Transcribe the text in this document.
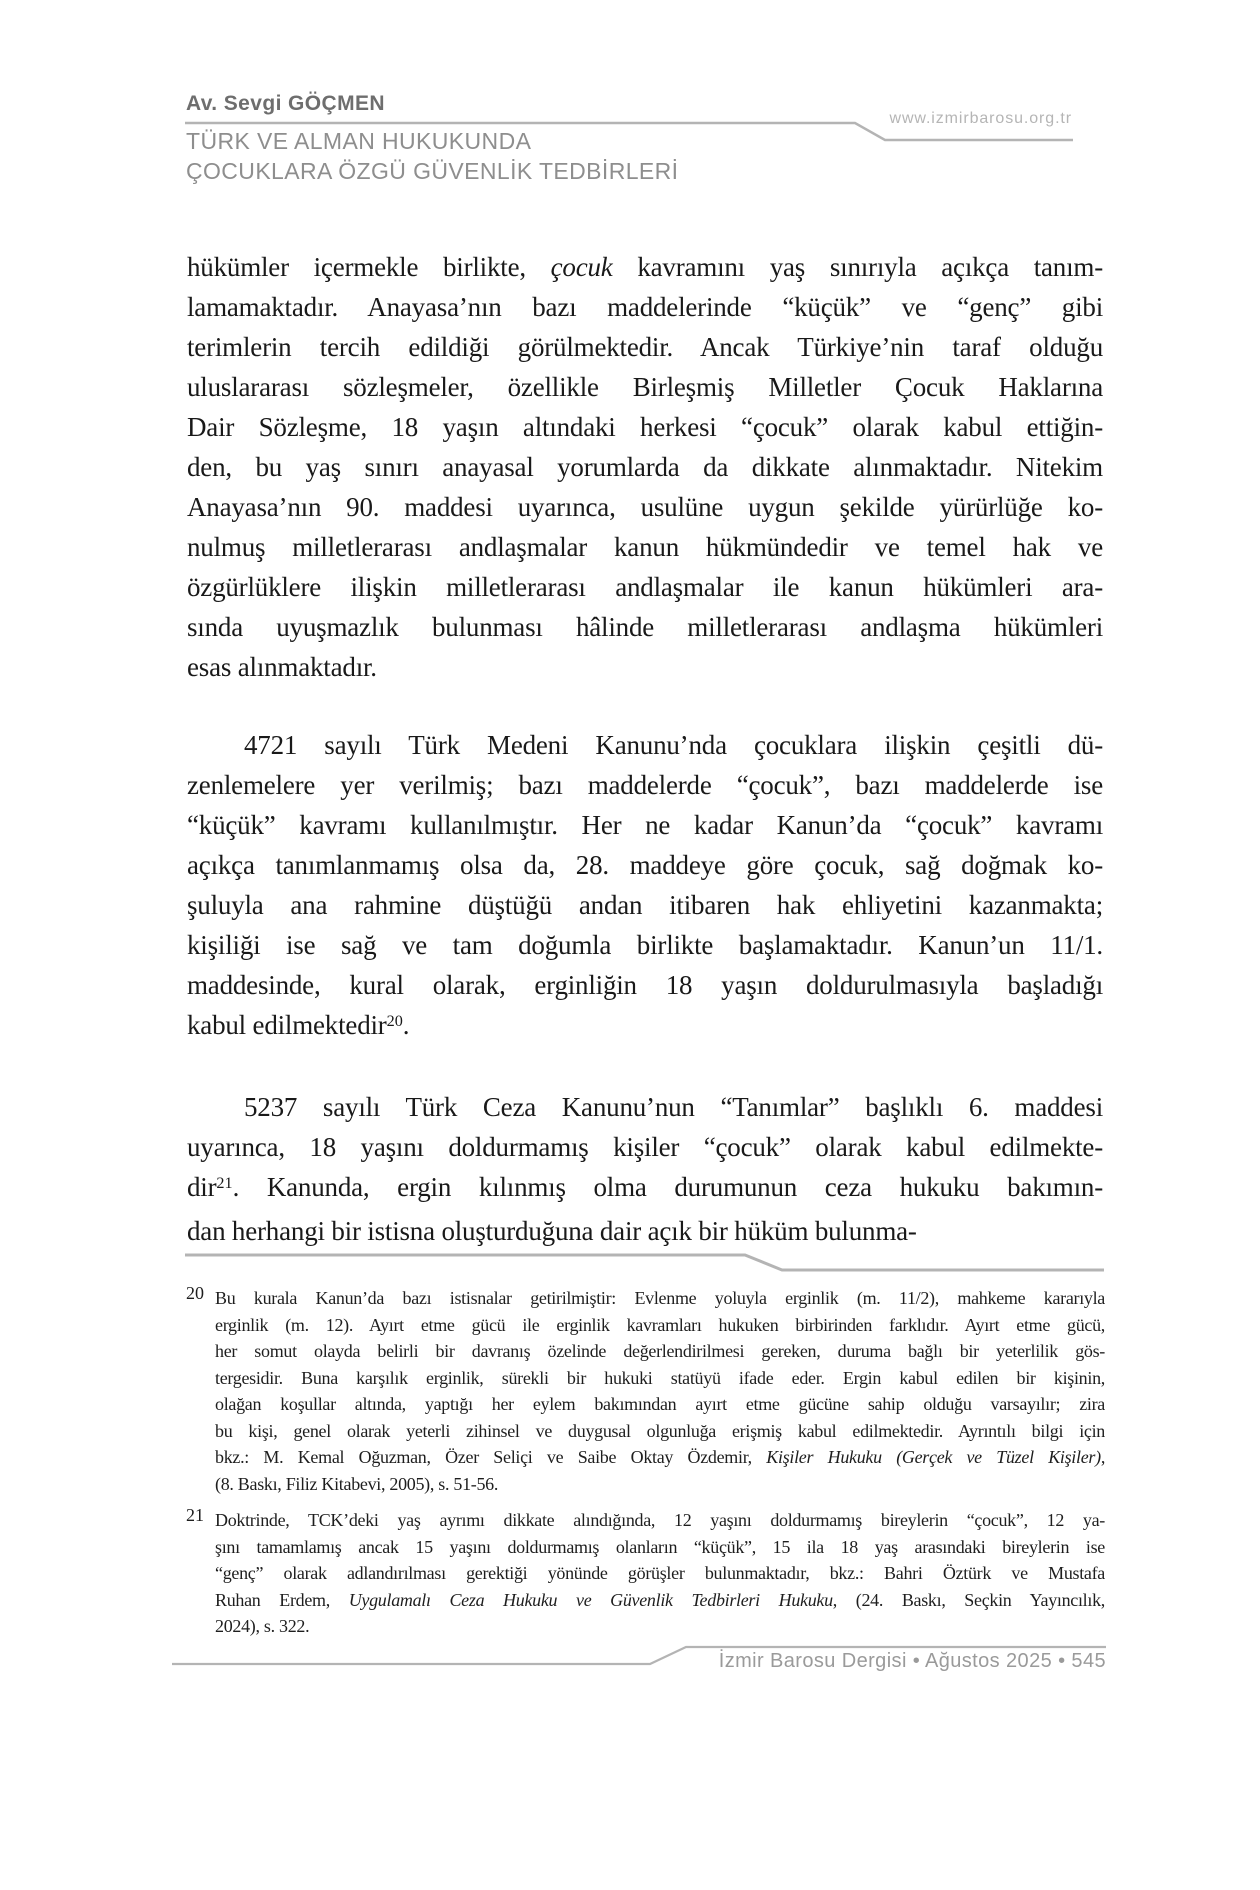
Av. Sevgi GÖÇMEN
www.izmirbarosu.org.tr
TÜRK VE ALMAN HUKUKUNDA
ÇOCUKLARA ÖZGÜ GÜVENLİK TEDBİRLERİ
hükümler içermekle birlikte, çocuk kavramını yaş sınırıyla açıkça tanım-
lamamaktadır. Anayasa’nın bazı maddelerinde “küçük” ve “genç” gibi
terimlerin tercih edildiği görülmektedir. Ancak Türkiye’nin taraf olduğu
uluslararası sözleşmeler, özellikle Birleşmiş Milletler Çocuk Haklarına
Dair Sözleşme, 18 yaşın altındaki herkesi “çocuk” olarak kabul ettiğin-
den, bu yaş sınırı anayasal yorumlarda da dikkate alınmaktadır. Nitekim
Anayasa’nın 90. maddesi uyarınca, usulüne uygun şekilde yürürlüğe ko-
nulmuş milletlerarası andlaşmalar kanun hükmündedir ve temel hak ve
özgürlüklere ilişkin milletlerarası andlaşmalar ile kanun hükümleri ara-
sında uyuşmazlık bulunması hâlinde milletlerarası andlaşma hükümleri
esas alınmaktadır.
4721 sayılı Türk Medeni Kanunu’nda çocuklara ilişkin çeşitli dü-
zenlemelere yer verilmiş; bazı maddelerde “çocuk”, bazı maddelerde ise
“küçük” kavramı kullanılmıştır. Her ne kadar Kanun’da “çocuk” kavramı
açıkça tanımlanmamış olsa da, 28. maddeye göre çocuk, sağ doğmak ko-
şuluyla ana rahmine düştüğü andan itibaren hak ehliyetini kazanmakta;
kişiliği ise sağ ve tam doğumla birlikte başlamaktadır. Kanun’un 11/1.
maddesinde, kural olarak, erginliğin 18 yaşın doldurulmasıyla başladığı
kabul edilmektedir$^{20}$.
5237 sayılı Türk Ceza Kanunu’nun “Tanımlar” başlıklı 6. maddesi
uyarınca, 18 yaşını doldurmamış kişiler “çocuk” olarak kabul edilmekte-
dir$^{21}$. Kanunda, ergin kılınmış olma durumunun ceza hukuku bakımın-
dan herhangi bir istisna oluşturduğuna dair açık bir hüküm bulunma-
20 Bu kurala Kanun’da bazı istisnalar getirilmiştir: Evlenme yoluyla erginlik (m. 11/2), mahkeme kararıyla
erginlik (m. 12). Ayırt etme gücü ile erginlik kavramları hukuken birbirinden farklıdır. Ayırt etme gücü,
her somut olayda belirli bir davranış özelinde değerlendirilmesi gereken, duruma bağlı bir yeterlilik gös-
tergesidir. Buna karşılık erginlik, sürekli bir hukuki statüyü ifade eder. Ergin kabul edilen bir kişinin,
olağan koşullar altında, yaptığı her eylem bakımından ayırt etme gücüne sahip olduğu varsayılır; zira
bu kişi, genel olarak yeterli zihinsel ve duygusal olgunluğa erişmiş kabul edilmektedir. Ayrıntılı bilgi için
bkz.: M. Kemal Oğuzman, Özer Seliçi ve Saibe Oktay Özdemir, Kişiler Hukuku (Gerçek ve Tüzel Kişiler),
(8. Baskı, Filiz Kitabevi, 2005), s. 51-56.
21 Doktrinde, TCK’deki yaş ayrımı dikkate alındığında, 12 yaşını doldurmamış bireylerin “çocuk”, 12 ya-
şını tamamlamış ancak 15 yaşını doldurmamış olanların “küçük”, 15 ila 18 yaş arasındaki bireylerin ise
“genç” olarak adlandırılması gerektiği yönünde görüşler bulunmaktadır, bkz.: Bahri Öztürk ve Mustafa
Ruhan Erdem, Uygulamalı Ceza Hukuku ve Güvenlik Tedbirleri Hukuku, (24. Baskı, Seçkin Yayıncılık,
2024), s. 322.
İzmir Barosu Dergisi • Ağustos 2025 • 545
